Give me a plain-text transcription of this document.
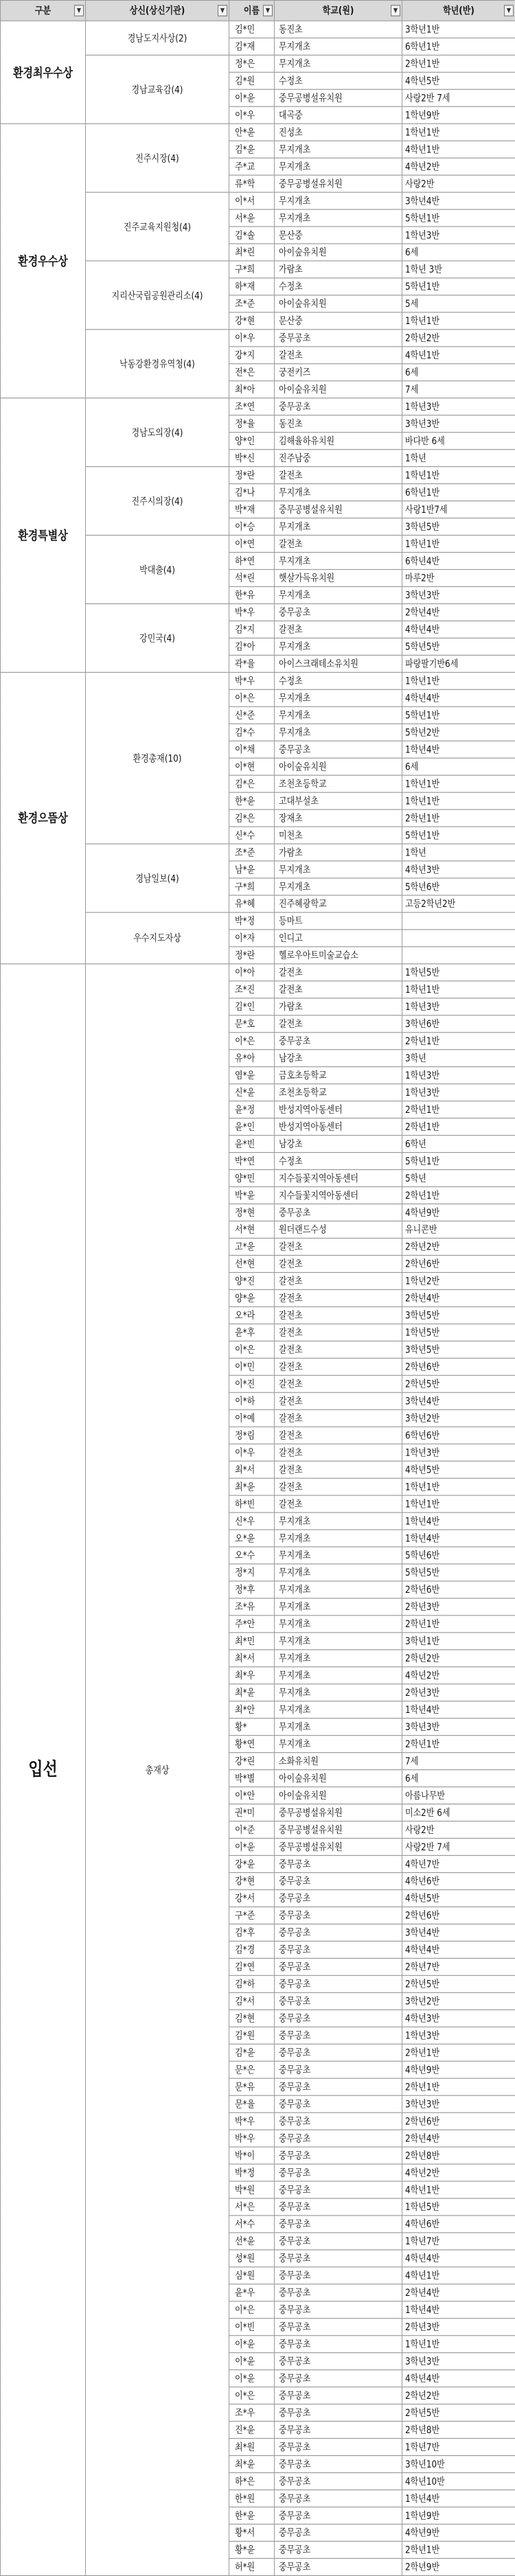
구분 ▼	상신(상신기관) ▼	이름 ▼	학교(원) ▼	학년(반) ▼

환경최우수상	경남도지사상(2)	김*민	동진초	3학년1반
		김*재	무지개초	6학년1반
	경남교육감(4)	정*은	무지개초	2학년1반
		김*원	수정초	4학년5반
		이*윤	중무공병설유치원	사랑2반 7세
		이*우	대곡중	1학년9반
환경우수상	진주시장(4)	안*윤	진성초	1학년1반
		김*윤	무지개초	4학년1반
		주*교	무지개초	4학년2반
		류*학	중무공병설유치원	사랑2반
	진주교육지원청(4)	이*서	무지개초	3학년4반
		서*윤	무지개초	5학년1반
		김*솔	문산중	1학년3반
		최*린	아이숲유치원	6세
	지리산국립공원관리소(4)	구*희	가람초	1학년 3반
		하*재	수정초	5학년1반
		조*준	아이숲유치원	5세
		강*현	문산중	1학년1반
	낙동강환경유역청(4)	이*우	중무공초	2학년2반
		강*지	갈전초	4학년1반
		전*은	궁전키즈	6세
		최*아	아이숲유치원	7세
환경특별상	경남도의장(4)	조*연	중무공초	1학년3반
		정*율	동진초	3학년3반
		양*인	김해율하유치원	바다반 6세
		박*신	진주남중	1학년
	진주시의장(4)	정*란	갈전초	1학년1반
		김*나	무지개초	6학년1반
		박*재	중무공병설유치원	사랑1반7세
		이*승	무지개초	3학년5반
	박대출(4)	이*연	갈전초	1학년1반
		하*연	무지개초	6학년4반
		석*린	햇살가득유치원	마루2반
		한*유	무지개초	3학년3반
	강민국(4)	박*우	중무공초	2학년4반
		김*지	갈전초	4학년4반
		김*아	무지개초	5학년5반
		곽*율	아이스크래테소유치원	파랑팔기반6세
환경으뜸상	환경총재(10)	박*우	수정초	1학년1반
		이*은	무지개초	4학년4반
		신*준	무지개초	5학년1반
		김*수	무지개초	5학년2반
		이*채	중무공초	1학년4반
		이*현	아이숲유치원	6세
		김*은	조천초등학교	1학년1반
		한*윤	고대부설초	1학년1반
		김*은	장재초	2학년1반
		신*수	미천초	5학년1반
	경남일보(4)	조*준	가람초	1학년
		남*윤	무지개초	4학년3반
		구*희	무지개초	5학년6반
		유*혜	진주혜광학교	고등2학년2반
	우수지도자상	박*정	등마트	
		이*자	인디고	
		정*란	헬로우아트미술교습소	
입선	총재상	이*아	갈전초	1학년5반
		조*진	갈전초	1학년1반
		김*인	가람초	1학년3반
		문*호	갈전초	3학년6반
		이*은	중무공초	2학년1반
		유*아	남강초	3학년
		염*윤	금호초등학교	1학년3반
		신*윤	조천초등학교	1학년3반
		윤*정	반성지역아동센터	2학년1반
		윤*인	반성지역아동센터	2학년1반
		윤*빈	남강초	6학년
		박*연	수정초	5학년1반
		양*민	지수들꽃지역아동센터	5학년
		박*윤	지수들꽃지역아동센터	2학년1반
		정*현	중무공초	4학년9반
		서*현	원더랜드수성	유니콘반
		고*윤	갈전초	2학년2반
		선*현	갈전초	2학년6반
		양*진	갈전초	1학년2반
		양*윤	갈전초	2학년4반
		오*라	갈전초	3학년5반
		윤*후	갈전초	1학년5반
		이*은	갈전초	3학년5반
		이*민	갈전초	2학년6반
		이*진	갈전초	2학년5반
		이*하	갈전초	3학년4반
		이*예	갈전초	3학년2반
		정*림	갈전초	6학년6반
		이*우	갈전초	1학년3반
		최*서	갈전초	4학년5반
		최*윤	갈전초	1학년1반
		하*빈	갈전초	1학년1반
		신*우	무지개초	1학년4반
		오*윤	무지개초	1학년4반
		오*수	무지개초	5학년6반
		정*지	무지개초	5학년5반
		정*후	무지개초	2학년6반
		조*유	무지개초	2학년3반
		주*안	무지개초	2학년1반
		최*민	무지개초	3학년1반
		최*서	무지개초	2학년2반
		최*우	무지개초	4학년2반
		최*윤	무지개초	2학년3반
		최*안	무지개초	1학년4반
		황*	무지개초	3학년3반
		황*연	무지개초	2학년1반
		강*린	소화유치원	7세
		박*별	아이숲유치원	6세
		이*안	아이숲유치원	아름나무반
		권*미	중무공병설유치원	미소2반 6세
		이*준	중무공병설유치원	사랑2반
		이*윤	중무공병설유치원	사랑2반 7세
		강*윤	중무공초	4학년7반
		강*현	중무공초	4학년6반
		강*서	중무공초	4학년5반
		구*준	중무공초	2학년6반
		김*후	중무공초	3학년4반
		김*경	중무공초	4학년4반
		김*연	중무공초	2학년7반
		김*하	중무공초	2학년5반
		김*서	중무공초	3학년2반
		김*현	중무공초	4학년3반
		김*원	중무공초	1학년3반
		김*윤	중무공초	2학년1반
		문*은	중무공초	4학년9반
		문*유	중무공초	2학년1반
		문*율	중무공초	3학년3반
		박*우	중무공초	2학년6반
		박*우	중무공초	2학년4반
		박*이	중무공초	2학년8반
		박*정	중무공초	4학년2반
		박*원	중무공초	4학년1반
		서*은	중무공초	1학년5반
		서*수	중무공초	4학년6반
		선*윤	중무공초	1학년7반
		성*원	중무공초	4학년4반
		심*원	중무공초	4학년1반
		윤*우	중무공초	2학년4반
		이*은	중무공초	1학년4반
		이*빈	중무공초	2학년3반
		이*윤	중무공초	1학년1반
		이*윤	중무공초	3학년3반
		이*윤	중무공초	4학년4반
		이*은	중무공초	2학년2반
		조*우	중무공초	2학년5반
		진*윤	중무공초	2학년8반
		최*원	중무공초	1학년7반
		최*윤	중무공초	3학년10반
		하*은	중무공초	4학년10반
		한*원	중무공초	1학년4반
		한*윤	중무공초	1학년9반
		황*서	중무공초	4학년9반
		황*윤	중무공초	2학년1반
		허*원	중무공초	2학년9반
